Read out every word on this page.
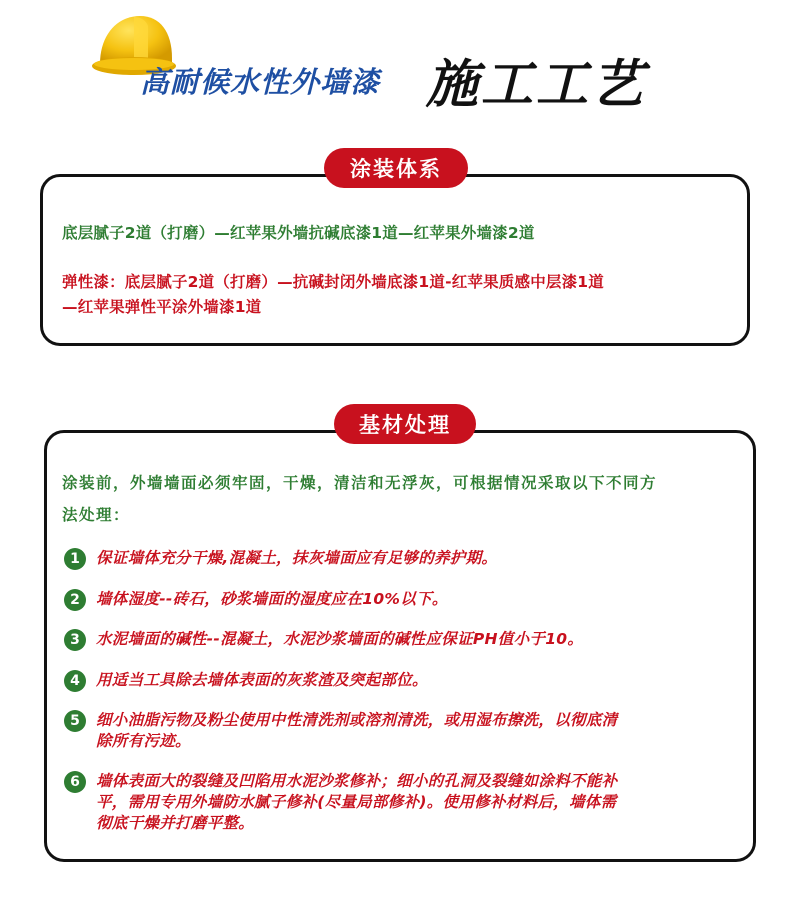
高耐候水性外墙漆 施工工艺
涂装体系
底层腻子2道（打磨）—红苹果外墙抗碱底漆1道—红苹果外墙漆2道
弹性漆：底层腻子2道（打磨）—抗碱封闭外墙底漆1道-红苹果质感中层漆1道
—红苹果弹性平涂外墙漆1道
基材处理
涂装前，外墙墙面必须牢固，干燥，清洁和无浮灰，可根据情况采取以下不同方
法处理：
1	保证墙体充分干燥,混凝土，抹灰墙面应有足够的养护期。
2	墙体湿度--砖石，砂浆墙面的湿度应在10%以下。
3	水泥墙面的碱性--混凝土，水泥沙浆墙面的碱性应保证PH值小于10。
4	用适当工具除去墙体表面的灰浆渣及突起部位。
5	细小油脂污物及粉尘使用中性清洗剂或溶剂清洗，或用湿布擦洗，以彻底清
除所有污迹。
6	墙体表面大的裂缝及凹陷用水泥沙浆修补；细小的孔洞及裂缝如涂料不能补
平，需用专用外墙防水腻子修补(尽量局部修补)。使用修补材料后，墙体需
彻底干燥并打磨平整。
